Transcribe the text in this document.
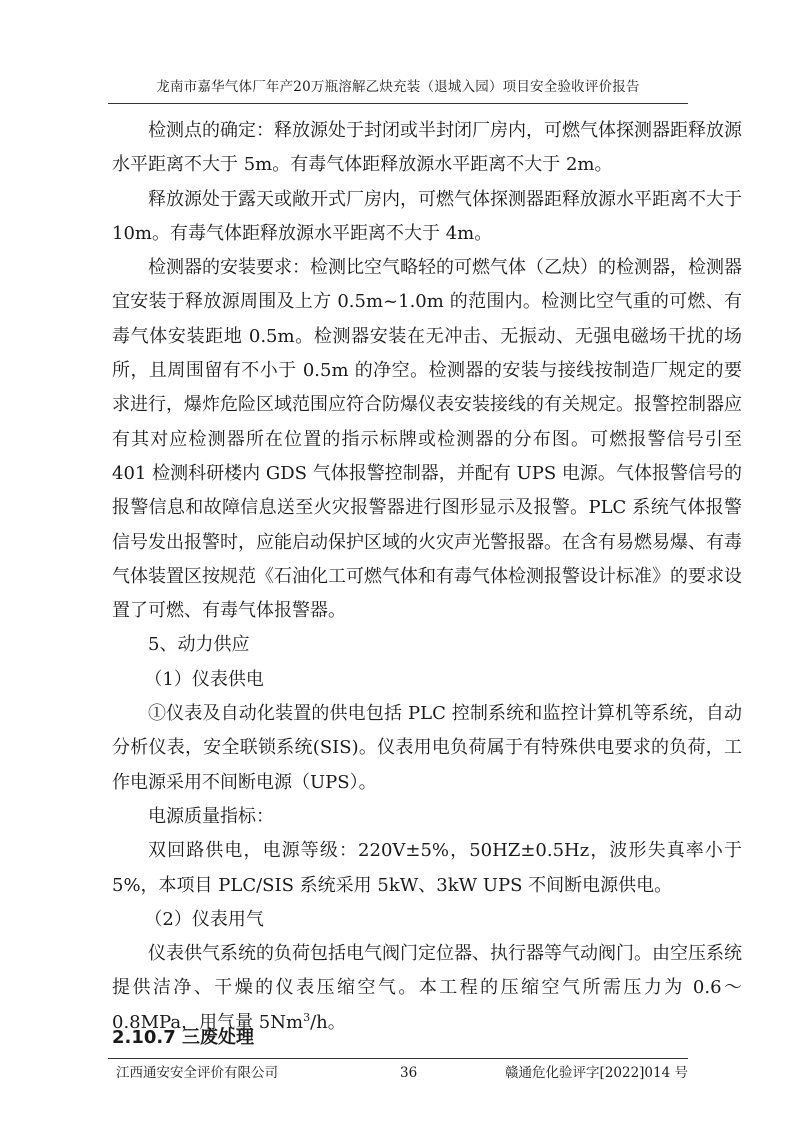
龙南市嘉华气体厂年产20万瓶溶解乙炔充装（退城入园）项目安全验收评价报告

检测点的确定：释放源处于封闭或半封闭厂房内，可燃气体探测器距释放源水平距离不大于 5m。有毒气体距释放源水平距离不大于 2m。

释放源处于露天或敞开式厂房内，可燃气体探测器距释放源水平距离不大于 10m。有毒气体距释放源水平距离不大于 4m。

检测器的安装要求：检测比空气略轻的可燃气体（乙炔）的检测器，检测器宜安装于释放源周围及上方 0.5m~1.0m 的范围内。检测比空气重的可燃、有毒气体安装距地 0.5m。检测器安装在无冲击、无振动、无强电磁场干扰的场所，且周围留有不小于 0.5m 的净空。检测器的安装与接线按制造厂规定的要求进行，爆炸危险区域范围应符合防爆仪表安装接线的有关规定。报警控制器应有其对应检测器所在位置的指示标牌或检测器的分布图。可燃报警信号引至 401 检测科研楼内 GDS 气体报警控制器，并配有 UPS 电源。气体报警信号的报警信息和故障信息送至火灾报警器进行图形显示及报警。PLC 系统气体报警信号发出报警时，应能启动保护区域的火灾声光警报器。在含有易燃易爆、有毒气体装置区按规范《石油化工可燃气体和有毒气体检测报警设计标准》的要求设置了可燃、有毒气体报警器。

5、动力供应

（1）仪表供电

①仪表及自动化装置的供电包括 PLC 控制系统和监控计算机等系统，自动分析仪表，安全联锁系统(SIS)。仪表用电负荷属于有特殊供电要求的负荷，工作电源采用不间断电源（UPS）。

电源质量指标：

双回路供电，电源等级：220V±5%，50HZ±0.5Hz，波形失真率小于 5%，本项目 PLC/SIS 系统采用 5kW、3kW UPS 不间断电源供电。

（2）仪表用气

仪表供气系统的负荷包括电气阀门定位器、执行器等气动阀门。由空压系统提供洁净、干燥的仪表压缩空气。本工程的压缩空气所需压力为 0.6～0.8MPa，用气量 5Nm$^3$/h。

2.10.7 三废处理
江西通安安全评价有限公司	36	赣通危化验评字[2022]014 号
